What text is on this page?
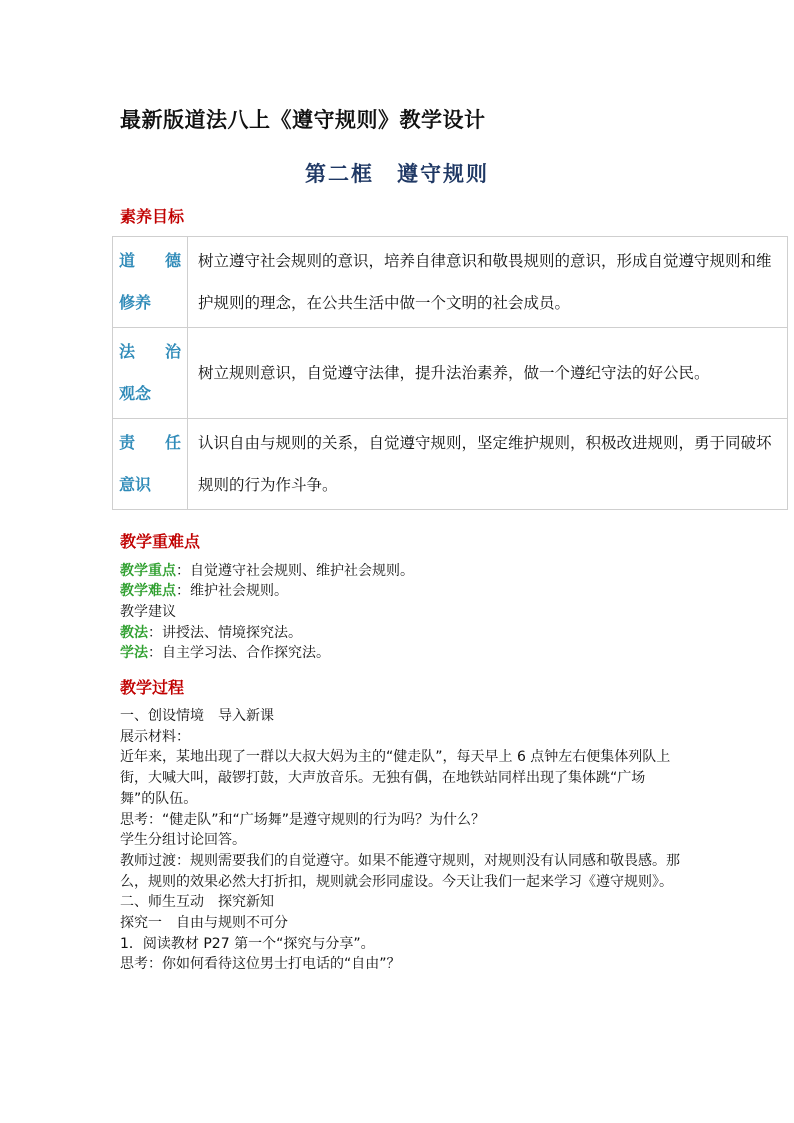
最新版道法八上《遵守规则》教学设计
第二框　遵守规则
素养目标
道 德
修养	树立遵守社会规则的意识，培养自律意识和敬畏规则的意识，形成自觉遵守规则和维护规则的理念，在公共生活中做一个文明的社会成员。

法 治
观念	树立规则意识，自觉遵守法律，提升法治素养，做一个遵纪守法的好公民。

责 任
意识	认识自由与规则的关系，自觉遵守规则，坚定维护规则，积极改进规则，勇于同破坏规则的行为作斗争。
教学重难点
教学重点：自觉遵守社会规则、维护社会规则。
教学难点：维护社会规则。
教学建议
教法：讲授法、情境探究法。
学法：自主学习法、合作探究法。
教学过程

一、创设情境　导入新课

展示材料：

近年来，某地出现了一群以大叔大妈为主的“健走队”，每天早上 6 点钟左右便集体列队上街，大喊大叫，敲锣打鼓，大声放音乐。无独有偶，在地铁站同样出现了集体跳“广场舞”的队伍。

思考：“健走队”和“广场舞”是遵守规则的行为吗？为什么？

学生分组讨论回答。

教师过渡：规则需要我们的自觉遵守。如果不能遵守规则，对规则没有认同感和敬畏感。那么，规则的效果必然大打折扣，规则就会形同虚设。今天让我们一起来学习《遵守规则》。

二、师生互动　探究新知

探究一　自由与规则不可分

1．阅读教材 P27 第一个“探究与分享”。

思考：你如何看待这位男士打电话的“自由”？
